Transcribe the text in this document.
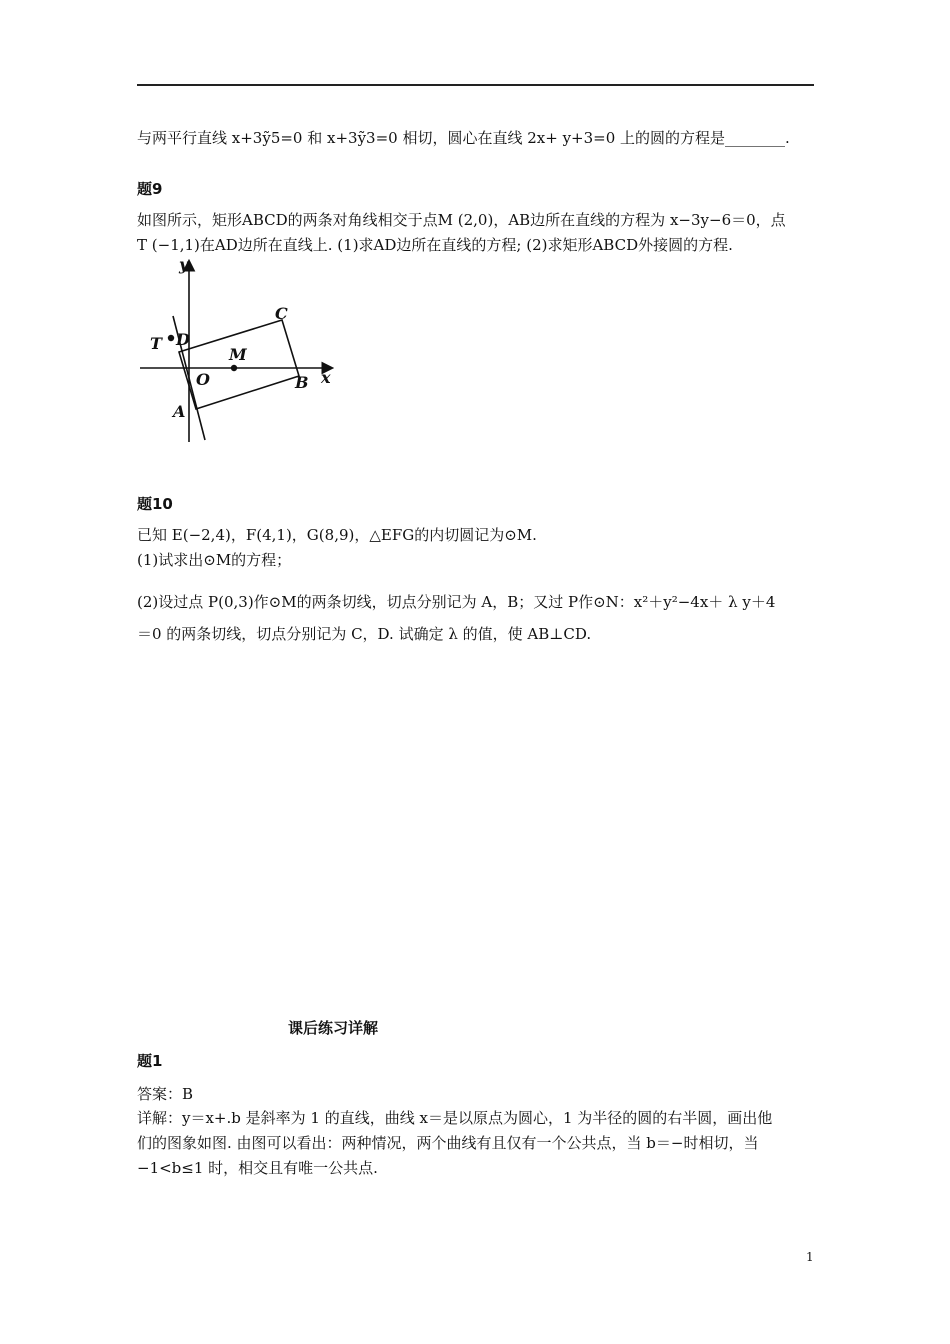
与两平行直线 x+3ỹ5=0 和 x+3ỹ3=0 相切，圆心在直线 2x+ y+3=0 上的圆的方程是________.
题9
如图所示，矩形ABCD的两条对角线相交于点M (2,0)，AB边所在直线的方程为 x−3y−6＝0，点
T (−1,1)在AD边所在直线上. (1)求AD边所在直线的方程; (2)求矩形ABCD外接圆的方程.
y
x
O
M
A
B
C
D
T
题10
已知 E(−2,4)，F(4,1)，G(8,9)，△EFG的内切圆记为⊙M.
(1)试求出⊙M的方程；
(2)设过点 P(0,3)作⊙M的两条切线，切点分别记为 A，B；又过 P作⊙N：x²＋y²−4x＋ λ y＋4
＝0 的两条切线，切点分别记为 C，D. 试确定 λ 的值，使 AB⊥CD.
课后练习详解
题1
答案：B
详解：y＝x+.b 是斜率为 1 的直线，曲线 x＝是以原点为圆心，1 为半径的圆的右半圆，画出他
们的图象如图. 由图可以看出：两种情况，两个曲线有且仅有一个公共点，当 b＝−时相切，当
−1<b≤1 时，相交且有唯一公共点.
1
